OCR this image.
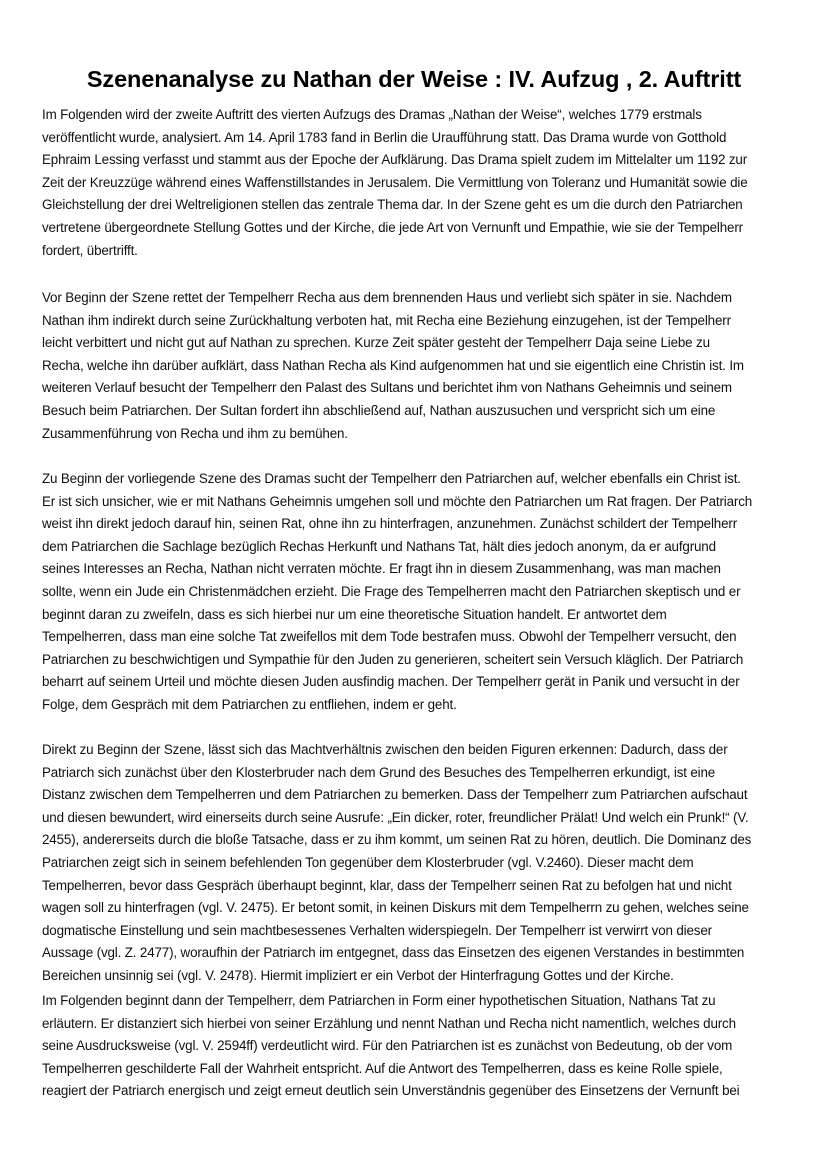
Szenenanalyse zu Nathan der Weise : IV. Aufzug , 2. Auftritt
Im Folgenden wird der zweite Auftritt des vierten Aufzugs des Dramas „Nathan der Weise“, welches 1779 erstmals
veröffentlicht wurde, analysiert. Am 14. April 1783 fand in Berlin die Uraufführung statt. Das Drama wurde von Gotthold
Ephraim Lessing verfasst und stammt aus der Epoche der Aufklärung. Das Drama spielt zudem im Mittelalter um 1192 zur
Zeit der Kreuzzüge während eines Waffenstillstandes in Jerusalem. Die Vermittlung von Toleranz und Humanität sowie die
Gleichstellung der drei Weltreligionen stellen das zentrale Thema dar. In der Szene geht es um die durch den Patriarchen
vertretene übergeordnete Stellung Gottes und der Kirche, die jede Art von Vernunft und Empathie, wie sie der Tempelherr
fordert, übertrifft.
Vor Beginn der Szene rettet der Tempelherr Recha aus dem brennenden Haus und verliebt sich später in sie. Nachdem
Nathan ihm indirekt durch seine Zurückhaltung verboten hat, mit Recha eine Beziehung einzugehen, ist der Tempelherr
leicht verbittert und nicht gut auf Nathan zu sprechen. Kurze Zeit später gesteht der Tempelherr Daja seine Liebe zu
Recha, welche ihn darüber aufklärt, dass Nathan Recha als Kind aufgenommen hat und sie eigentlich eine Christin ist. Im
weiteren Verlauf besucht der Tempelherr den Palast des Sultans und berichtet ihm von Nathans Geheimnis und seinem
Besuch beim Patriarchen. Der Sultan fordert ihn abschließend auf, Nathan auszusuchen und verspricht sich um eine
Zusammenführung von Recha und ihm zu bemühen.
Zu Beginn der vorliegende Szene des Dramas sucht der Tempelherr den Patriarchen auf, welcher ebenfalls ein Christ ist.
Er ist sich unsicher, wie er mit Nathans Geheimnis umgehen soll und möchte den Patriarchen um Rat fragen. Der Patriarch
weist ihn direkt jedoch darauf hin, seinen Rat, ohne ihn zu hinterfragen, anzunehmen. Zunächst schildert der Tempelherr
dem Patriarchen die Sachlage bezüglich Rechas Herkunft und Nathans Tat, hält dies jedoch anonym, da er aufgrund
seines Interesses an Recha, Nathan nicht verraten möchte. Er fragt ihn in diesem Zusammenhang, was man machen
sollte, wenn ein Jude ein Christenmädchen erzieht. Die Frage des Tempelherren macht den Patriarchen skeptisch und er
beginnt daran zu zweifeln, dass es sich hierbei nur um eine theoretische Situation handelt. Er antwortet dem
Tempelherren, dass man eine solche Tat zweifellos mit dem Tode bestrafen muss. Obwohl der Tempelherr versucht, den
Patriarchen zu beschwichtigen und Sympathie für den Juden zu generieren, scheitert sein Versuch kläglich. Der Patriarch
beharrt auf seinem Urteil und möchte diesen Juden ausfindig machen. Der Tempelherr gerät in Panik und versucht in der
Folge, dem Gespräch mit dem Patriarchen zu entfliehen, indem er geht.
Direkt zu Beginn der Szene, lässt sich das Machtverhältnis zwischen den beiden Figuren erkennen: Dadurch, dass der
Patriarch sich zunächst über den Klosterbruder nach dem Grund des Besuches des Tempelherren erkundigt, ist eine
Distanz zwischen dem Tempelherren und dem Patriarchen zu bemerken. Dass der Tempelherr zum Patriarchen aufschaut
und diesen bewundert, wird einerseits durch seine Ausrufe: „Ein dicker, roter, freundlicher Prälat! Und welch ein Prunk!“ (V.
2455), andererseits durch die bloße Tatsache, dass er zu ihm kommt, um seinen Rat zu hören, deutlich. Die Dominanz des
Patriarchen zeigt sich in seinem befehlenden Ton gegenüber dem Klosterbruder (vgl. V.2460). Dieser macht dem
Tempelherren, bevor dass Gespräch überhaupt beginnt, klar, dass der Tempelherr seinen Rat zu befolgen hat und nicht
wagen soll zu hinterfragen (vgl. V. 2475). Er betont somit, in keinen Diskurs mit dem Tempelherrn zu gehen, welches seine
dogmatische Einstellung und sein machtbesessenes Verhalten widerspiegeln. Der Tempelherr ist verwirrt von dieser
Aussage (vgl. Z. 2477), woraufhin der Patriarch im entgegnet, dass das Einsetzen des eigenen Verstandes in bestimmten
Bereichen unsinnig sei (vgl. V. 2478). Hiermit impliziert er ein Verbot der Hinterfragung Gottes und der Kirche.
Im Folgenden beginnt dann der Tempelherr, dem Patriarchen in Form einer hypothetischen Situation, Nathans Tat zu
erläutern. Er distanziert sich hierbei von seiner Erzählung und nennt Nathan und Recha nicht namentlich, welches durch
seine Ausdrucksweise (vgl. V. 2594ff) verdeutlicht wird. Für den Patriarchen ist es zunächst von Bedeutung, ob der vom
Tempelherren geschilderte Fall der Wahrheit entspricht. Auf die Antwort des Tempelherren, dass es keine Rolle spiele,
reagiert der Patriarch energisch und zeigt erneut deutlich sein Unverständnis gegenüber des Einsetzens der Vernunft bei
